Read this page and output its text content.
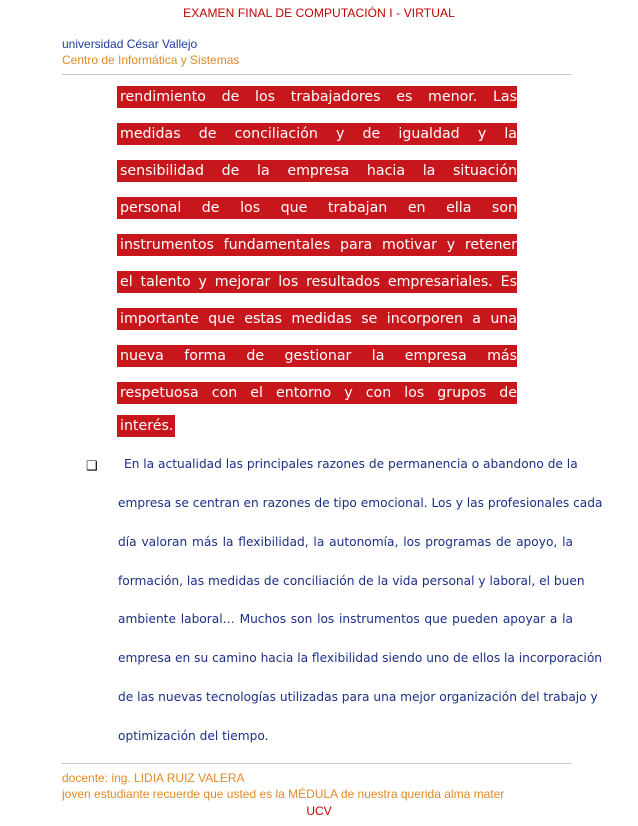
EXAMEN FINAL DE COMPUTACIÓN I - VIRTUAL
universidad César Vallejo
Centro de Informática y Sistemas
rendimiento de los trabajadores es menor. Las
medidas de conciliación y de igualdad y la
sensibilidad de la empresa hacia la situación
personal de los que trabajan en ella son
instrumentos fundamentales para motivar y retener
el talento y mejorar los resultados empresariales. Es
importante que estas medidas se incorporen a una
nueva forma de gestionar la empresa más
respetuosa con el entorno y con los grupos de
interés.
❑ En la actualidad las principales razones de permanencia o abandono de la
empresa se centran en razones de tipo emocional. Los y las profesionales cada
día valoran más la flexibilidad, la autonomía, los programas de apoyo, la
formación, las medidas de conciliación de la vida personal y laboral, el buen
ambiente laboral… Muchos son los instrumentos que pueden apoyar a la
empresa en su camino hacia la flexibilidad siendo uno de ellos la incorporación
de las nuevas tecnologías utilizadas para una mejor organización del trabajo y
optimización del tiempo.
docente: ing. LIDIA RUIZ VALERA
joven estudiante recuerde que usted es la MÉDULA de nuestra querida alma mater
UCV
